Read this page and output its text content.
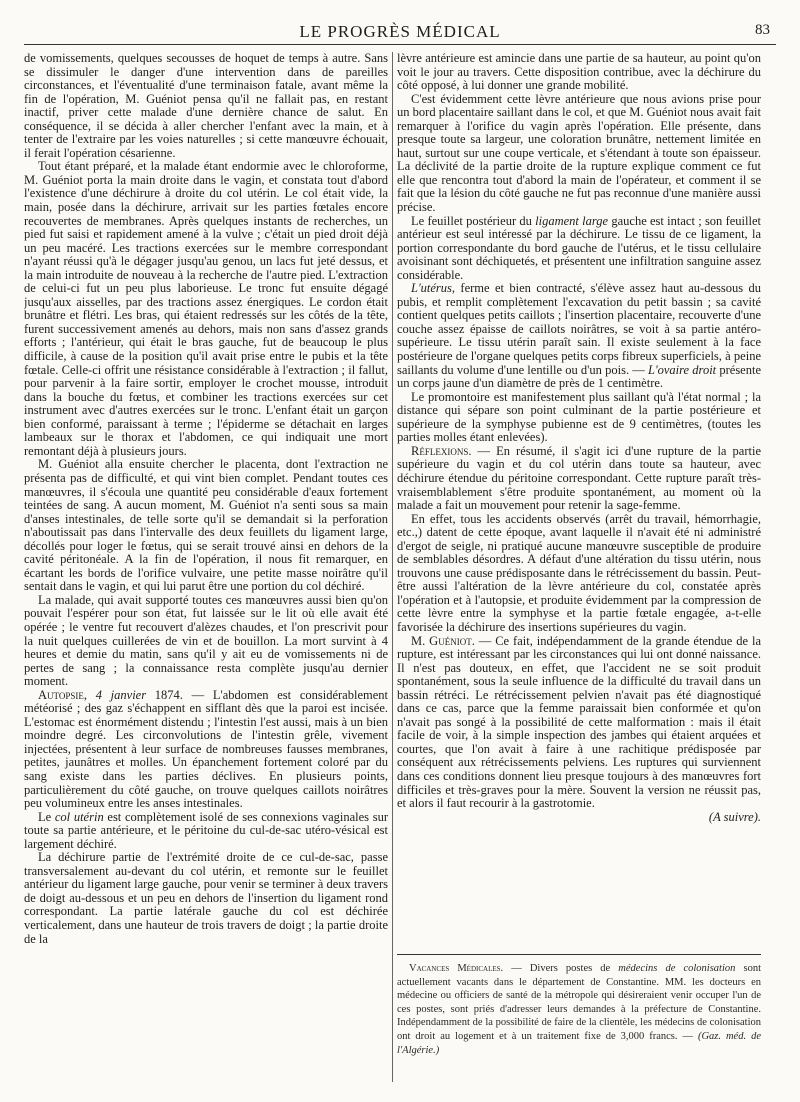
LE PROGRÈS MÉDICAL	83

de vomissements, quelques secousses de hoquet de temps à autre. Sans se dissimuler le danger d'une intervention dans de pareilles circonstances, et l'éventualité d'une terminaison fatale, avant même la fin de l'opération, M. Guéniot pensa qu'il ne fallait pas, en restant inactif, priver cette malade d'une dernière chance de salut. En conséquence, il se décida à aller chercher l'enfant avec la main, et à tenter de l'extraire par les voies naturelles ; si cette manœuvre échouait, il ferait l'opération césarienne.

Tout étant préparé, et la malade étant endormie avec le chloroforme, M. Guéniot porta la main droite dans le vagin, et constata tout d'abord l'existence d'une déchirure à droite du col utérin. Le col était vide, la main, posée dans la déchirure, arrivait sur les parties fœtales encore recouvertes de membranes. Après quelques instants de recherches, un pied fut saisi et rapidement amené à la vulve ; c'était un pied droit déjà un peu macéré. Les tractions exercées sur le membre correspondant n'ayant réussi qu'à le dégager jusqu'au genou, un lacs fut jeté dessus, et la main introduite de nouveau à la recherche de l'autre pied. L'extraction de celui-ci fut un peu plus laborieuse. Le tronc fut ensuite dégagé jusqu'aux aisselles, par des tractions assez énergiques. Le cordon était brunâtre et flétri. Les bras, qui étaient redressés sur les côtés de la tête, furent successivement amenés au dehors, mais non sans d'assez grands efforts ; l'antérieur, qui était le bras gauche, fut de beaucoup le plus difficile, à cause de la position qu'il avait prise entre le pubis et la tête fœtale. Celle-ci offrit une résistance considérable à l'extraction ; il fallut, pour parvenir à la faire sortir, employer le crochet mousse, introduit dans la bouche du fœtus, et combiner les tractions exercées sur cet instrument avec d'autres exercées sur le tronc. L'enfant était un garçon bien conformé, paraissant à terme ; l'épiderme se détachait en larges lambeaux sur le thorax et l'abdomen, ce qui indiquait une mort remontant déjà à plusieurs jours.

M. Guéniot alla ensuite chercher le placenta, dont l'extraction ne présenta pas de difficulté, et qui vint bien complet. Pendant toutes ces manœuvres, il s'écoula une quantité peu considérable d'eaux fortement teintées de sang. A aucun moment, M. Guéniot n'a senti sous sa main d'anses intestinales, de telle sorte qu'il se demandait si la perforation n'aboutissait pas dans l'intervalle des deux feuillets du ligament large, décollés pour loger le fœtus, qui se serait trouvé ainsi en dehors de la cavité péritonéale. A la fin de l'opération, il nous fit remarquer, en écartant les bords de l'orifice vulvaire, une petite masse noirâtre qu'il sentait dans le vagin, et qui lui parut être une portion du col déchiré.

La malade, qui avait supporté toutes ces manœuvres aussi bien qu'on pouvait l'espérer pour son état, fut laissée sur le lit où elle avait été opérée ; le ventre fut recouvert d'alèzes chaudes, et l'on prescrivit pour la nuit quelques cuillerées de vin et de bouillon. La mort survint à 4 heures et demie du matin, sans qu'il y ait eu de vomissements ni de pertes de sang ; la connaissance resta complète jusqu'au dernier moment.

Autopsie, 4 janvier 1874. — L'abdomen est considérablement météorisé ; des gaz s'échappent en sifflant dès que la paroi est incisée. L'estomac est énormément distendu ; l'intestin l'est aussi, mais à un bien moindre degré. Les circonvolutions de l'intestin grêle, vivement injectées, présentent à leur surface de nombreuses fausses membranes, petites, jaunâtres et molles. Un épanchement fortement coloré par du sang existe dans les parties déclives. En plusieurs points, particulièrement du côté gauche, on trouve quelques caillots noirâtres peu volumineux entre les anses intestinales.

Le col utérin est complètement isolé de ses connexions vaginales sur toute sa partie antérieure, et le péritoine du cul-de-sac utéro-vésical est largement déchiré.

La déchirure partie de l'extrémité droite de ce cul-de-sac, passe transversalement au-devant du col utérin, et remonte sur le feuillet antérieur du ligament large gauche, pour venir se terminer à deux travers de doigt au-dessous et un peu en dehors de l'insertion du ligament rond correspondant. La partie latérale gauche du col est déchirée verticalement, dans une hauteur de trois travers de doigt ; la partie droite de la

lèvre antérieure est amincie dans une partie de sa hauteur, au point qu'on voit le jour au travers. Cette disposition contribue, avec la déchirure du côté opposé, à lui donner une grande mobilité.

C'est évidemment cette lèvre antérieure que nous avions prise pour un bord placentaire saillant dans le col, et que M. Guéniot nous avait fait remarquer à l'orifice du vagin après l'opération. Elle présente, dans presque toute sa largeur, une coloration brunâtre, nettement limitée en haut, surtout sur une coupe verticale, et s'étendant à toute son épaisseur. La déclivité de la partie droite de la rupture explique comment ce fut elle que rencontra tout d'abord la main de l'opérateur, et comment il se fait que la lésion du côté gauche ne fut pas reconnue d'une manière aussi précise.

Le feuillet postérieur du ligament large gauche est intact ; son feuillet antérieur est seul intéressé par la déchirure. Le tissu de ce ligament, la portion correspondante du bord gauche de l'utérus, et le tissu cellulaire avoisinant sont déchiquetés, et présentent une infiltration sanguine assez considérable.

L'utérus, ferme et bien contracté, s'élève assez haut au-dessous du pubis, et remplit complètement l'excavation du petit bassin ; sa cavité contient quelques petits caillots ; l'insertion placentaire, recouverte d'une couche assez épaisse de caillots noirâtres, se voit à sa partie antéro-supérieure. Le tissu utérin paraît sain. Il existe seulement à la face postérieure de l'organe quelques petits corps fibreux superficiels, à peine saillants du volume d'une lentille ou d'un pois. — L'ovaire droit présente un corps jaune d'un diamètre de près de 1 centimètre.

Le promontoire est manifestement plus saillant qu'à l'état normal ; la distance qui sépare son point culminant de la partie postérieure et supérieure de la symphyse pubienne est de 9 centimètres, (toutes les parties molles étant enlevées).

Réflexions. — En résumé, il s'agit ici d'une rupture de la partie supérieure du vagin et du col utérin dans toute sa hauteur, avec déchirure étendue du péritoine correspondant. Cette rupture paraît très-vraisemblablement s'être produite spontanément, au moment où la malade a fait un mouvement pour retenir la sage-femme.

En effet, tous les accidents observés (arrêt du travail, hémorrhagie, etc.,) datent de cette époque, avant laquelle il n'avait été ni administré d'ergot de seigle, ni pratiqué aucune manœuvre susceptible de produire de semblables désordres. A défaut d'une altération du tissu utérin, nous trouvons une cause prédisposante dans le rétrécissement du bassin. Peut-être aussi l'altération de la lèvre antérieure du col, constatée après l'opération et à l'autopsie, et produite évidemment par la compression de cette lèvre entre la symphyse et la partie fœtale engagée, a-t-elle favorisée la déchirure des insertions supérieures du vagin.

M. Guéniot. — Ce fait, indépendamment de la grande étendue de la rupture, est intéressant par les circonstances qui lui ont donné naissance. Il n'est pas douteux, en effet, que l'accident ne se soit produit spontanément, sous la seule influence de la difficulté du travail dans un bassin rétréci. Le rétrécissement pelvien n'avait pas été diagnostiqué dans ce cas, parce que la femme paraissait bien conformée et qu'on n'avait pas songé à la possibilité de cette malformation : mais il était facile de voir, à la simple inspection des jambes qui étaient arquées et courtes, que l'on avait à faire à une rachitique prédisposée par conséquent aux rétrécissements pelviens. Les ruptures qui surviennent dans ces conditions donnent lieu presque toujours à des manœuvres fort difficiles et très-graves pour la mère. Souvent la version ne réussit pas, et alors il faut recourir à la gastrotomie.

(A suivre).

Vacances Médicales. — Divers postes de médecins de colonisation sont actuellement vacants dans le département de Constantine. MM. les docteurs en médecine ou officiers de santé de la métropole qui désireraient venir occuper l'un de ces postes, sont priés d'adresser leurs demandes à la préfecture de Constantine. Indépendamment de la possibilité de faire de la clientèle, les médecins de colonisation ont droit au logement et à un traitement fixe de 3,000 francs. — (Gaz. méd. de l'Algérie.)
